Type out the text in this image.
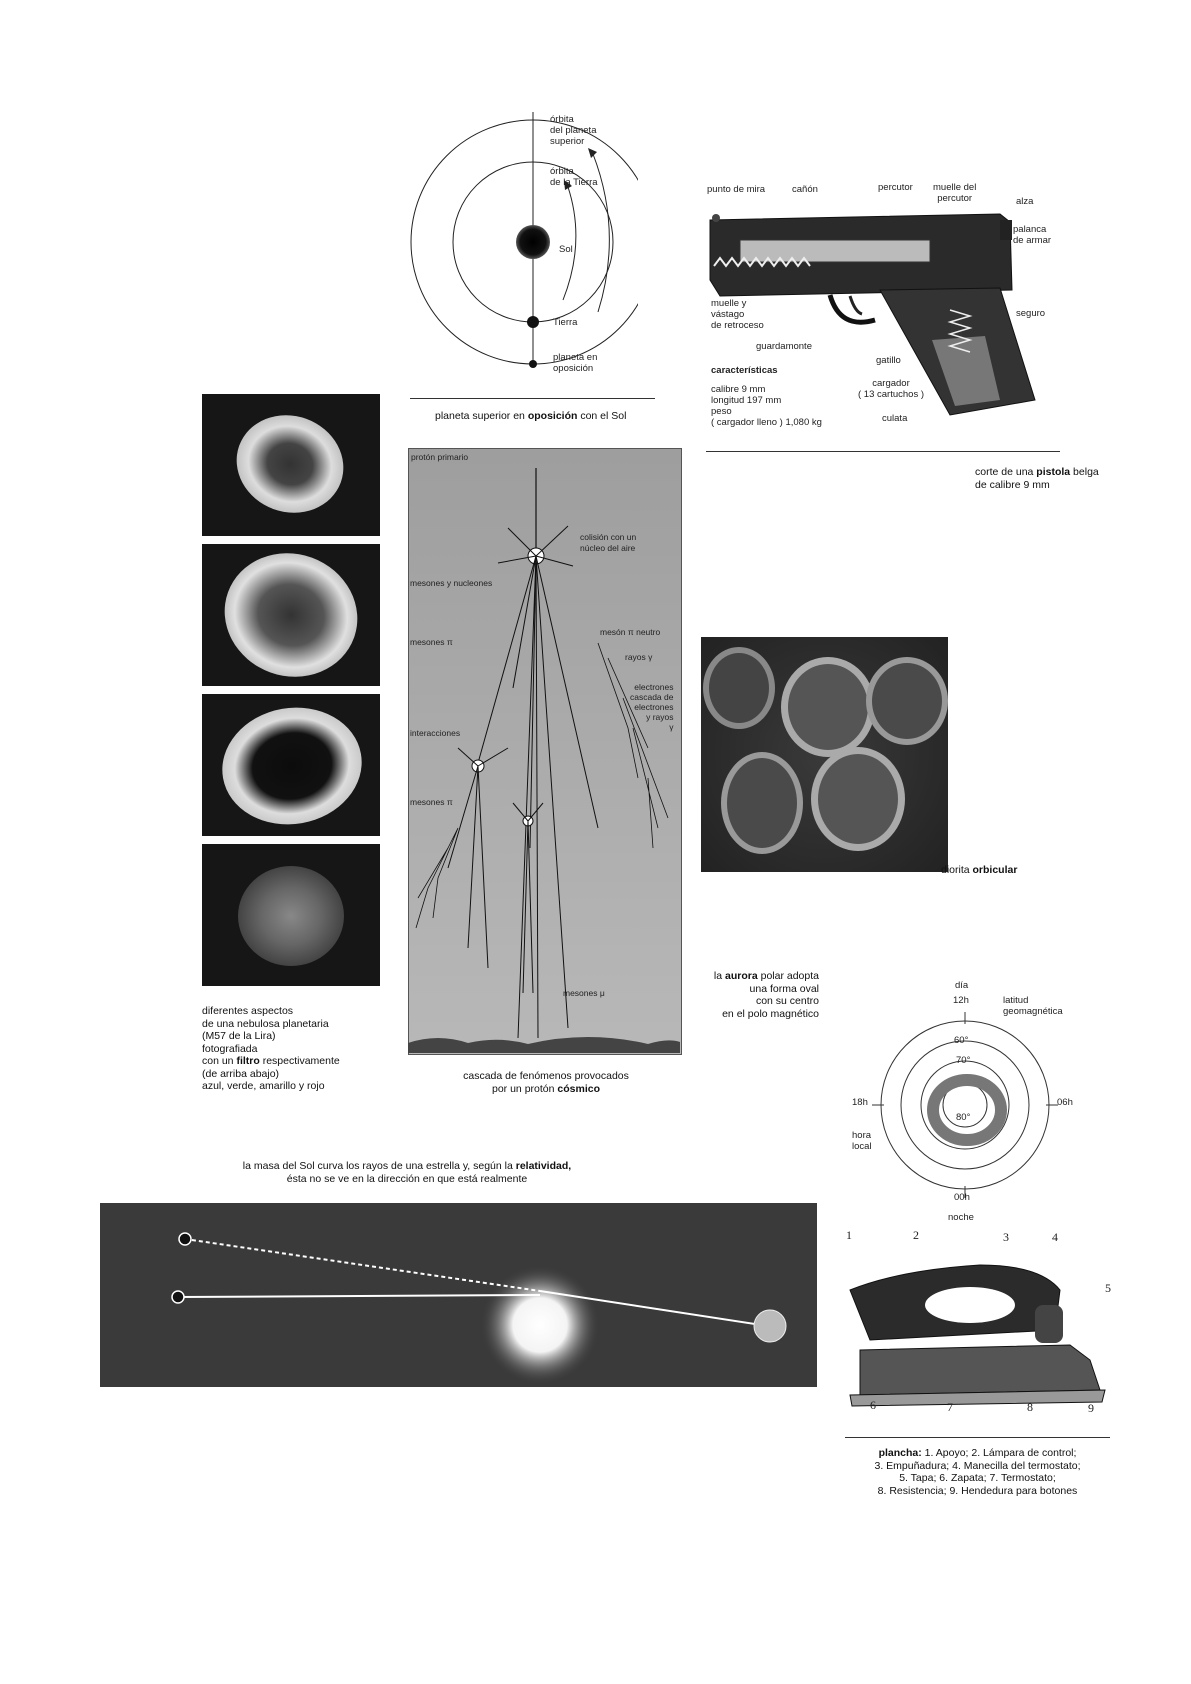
órbita
del planeta
superior
órbita
de la Tierra
Sol
Tierra
planeta en
oposición
planeta superior en oposición con el Sol
punto de mira	cañón	percutor muelle del
percutor	alza
palanca
de armar
muelle y
vástago
de retroceso
seguro
guardamonte
gatillo
cargador
( 13 cartuchos )
culata
características
calibre 9 mm
longitud 197 mm
peso
( cargador lleno ) 1,080 kg
corte de una pistola belga
de calibre 9 mm
diferentes aspectos
de una nebulosa planetaria
(M57 de la Lira)
fotografiada
con un filtro respectivamente
(de arriba abajo)
azul, verde, amarillo y rojo
protón primario
colisión con un
núcleo del aire
mesones y nucleones
mesones π
mesón π neutro
rayos γ
electrones
cascada de
electrones
y rayos
γ
interacciones
mesones π
mesones μ
cascada de fenómenos provocados
por un protón cósmico
diorita orbicular
la aurora polar adopta
una forma oval
con su centro
en el polo magnético
día
12h	latitud
geomagnética
60°
70°
80°
18h	06h
hora
local
00h
noche
la masa del Sol curva los rayos de una estrella y, según la relatividad,
ésta no se ve en la dirección en que está realmente
1	2	3	4
5
6	7	8	9
plancha: 1. Apoyo; 2. Lámpara de control;
3. Empuñadura; 4. Manecilla del termostato;
5. Tapa; 6. Zapata; 7. Termostato;
8. Resistencia; 9. Hendedura para botones
